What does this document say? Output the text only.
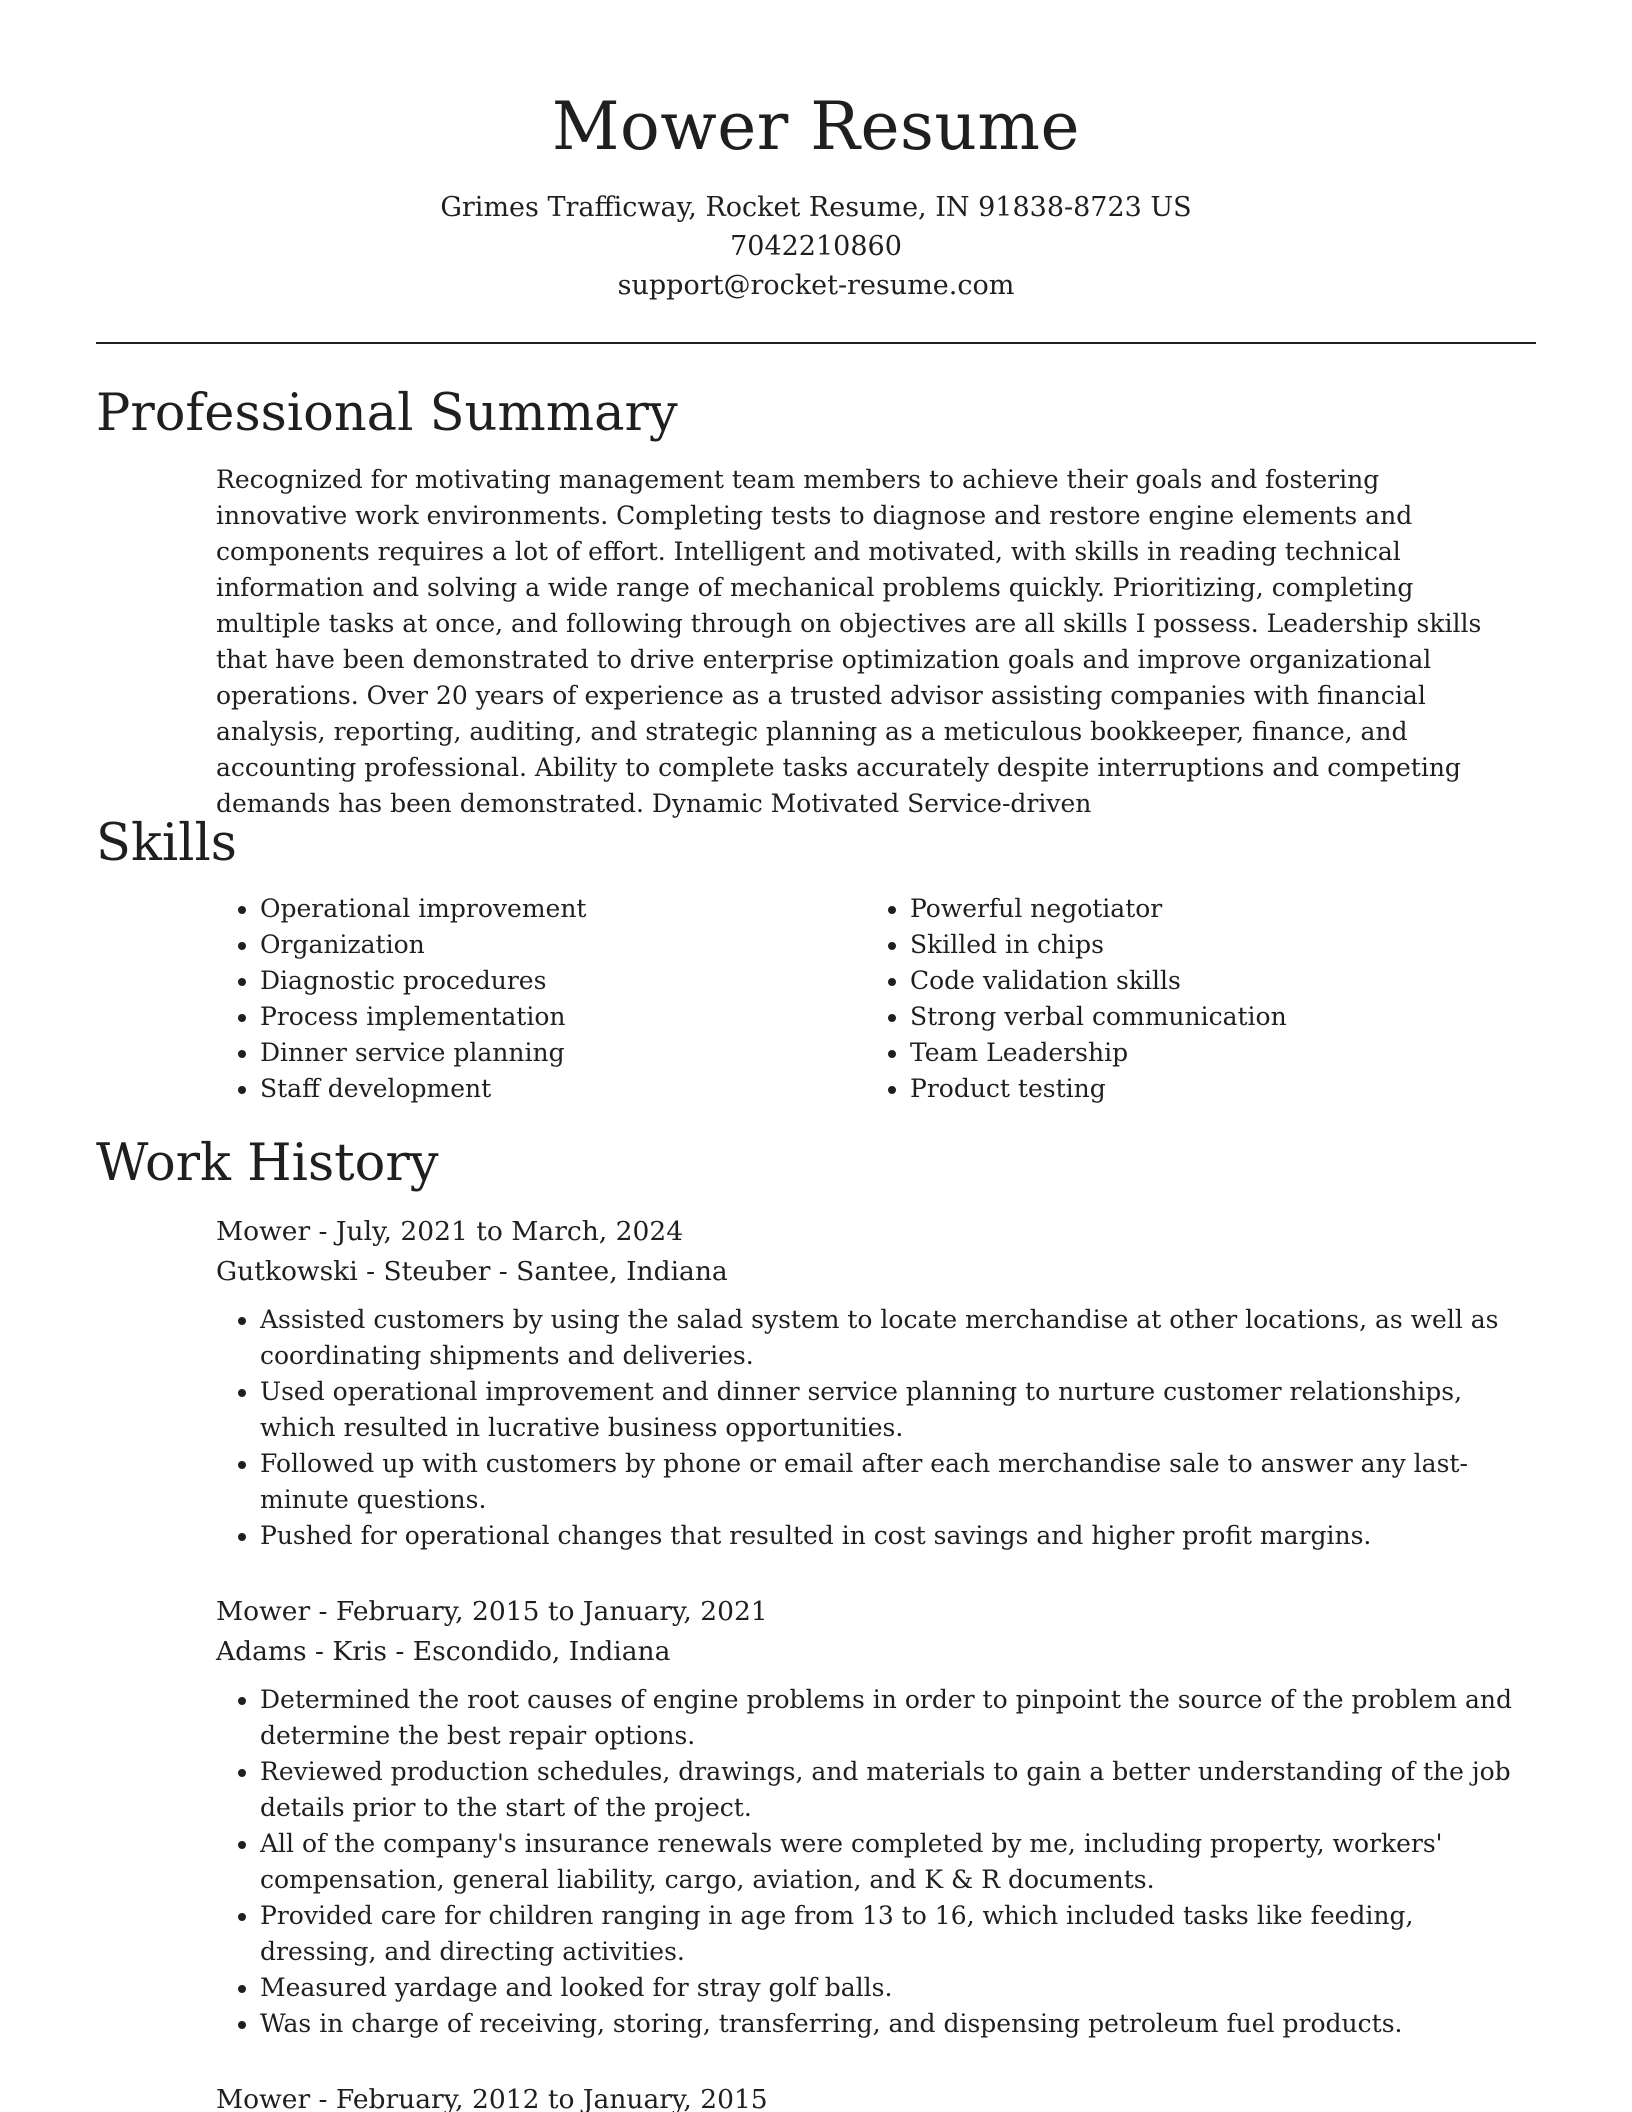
Mower Resume
Grimes Trafficway, Rocket Resume, IN 91838-8723 US
7042210860
support@rocket-resume.com
Professional Summary

Recognized for motivating management team members to achieve their goals and fostering innovative work environments. Completing tests to diagnose and restore engine elements and components requires a lot of effort. Intelligent and motivated, with skills in reading technical information and solving a wide range of mechanical problems quickly. Prioritizing, completing multiple tasks at once, and following through on objectives are all skills I possess. Leadership skills that have been demonstrated to drive enterprise optimization goals and improve organizational operations. Over 20 years of experience as a trusted advisor assisting companies with financial analysis, reporting, auditing, and strategic planning as a meticulous bookkeeper, finance, and accounting professional. Ability to complete tasks accurately despite interruptions and competing demands has been demonstrated. Dynamic Motivated Service-driven

Skills
• Operational improvement
• Organization
• Diagnostic procedures
• Process implementation
• Dinner service planning
• Staff development
• Powerful negotiator
• Skilled in chips
• Code validation skills
• Strong verbal communication
• Team Leadership
• Product testing
Work History
Mower - July, 2021 to March, 2024
Gutkowski - Steuber - Santee, Indiana
• Assisted customers by using the salad system to locate merchandise at other locations, as well as coordinating shipments and deliveries.
• Used operational improvement and dinner service planning to nurture customer relationships, which resulted in lucrative business opportunities.
• Followed up with customers by phone or email after each merchandise sale to answer any last-minute questions.
• Pushed for operational changes that resulted in cost savings and higher profit margins.
Mower - February, 2015 to January, 2021
Adams - Kris - Escondido, Indiana
• Determined the root causes of engine problems in order to pinpoint the source of the problem and determine the best repair options.
• Reviewed production schedules, drawings, and materials to gain a better understanding of the job details prior to the start of the project.
• All of the company's insurance renewals were completed by me, including property, workers' compensation, general liability, cargo, aviation, and K & R documents.
• Provided care for children ranging in age from 13 to 16, which included tasks like feeding, dressing, and directing activities.
• Measured yardage and looked for stray golf balls.
• Was in charge of receiving, storing, transferring, and dispensing petroleum fuel products.
Mower - February, 2012 to January, 2015
